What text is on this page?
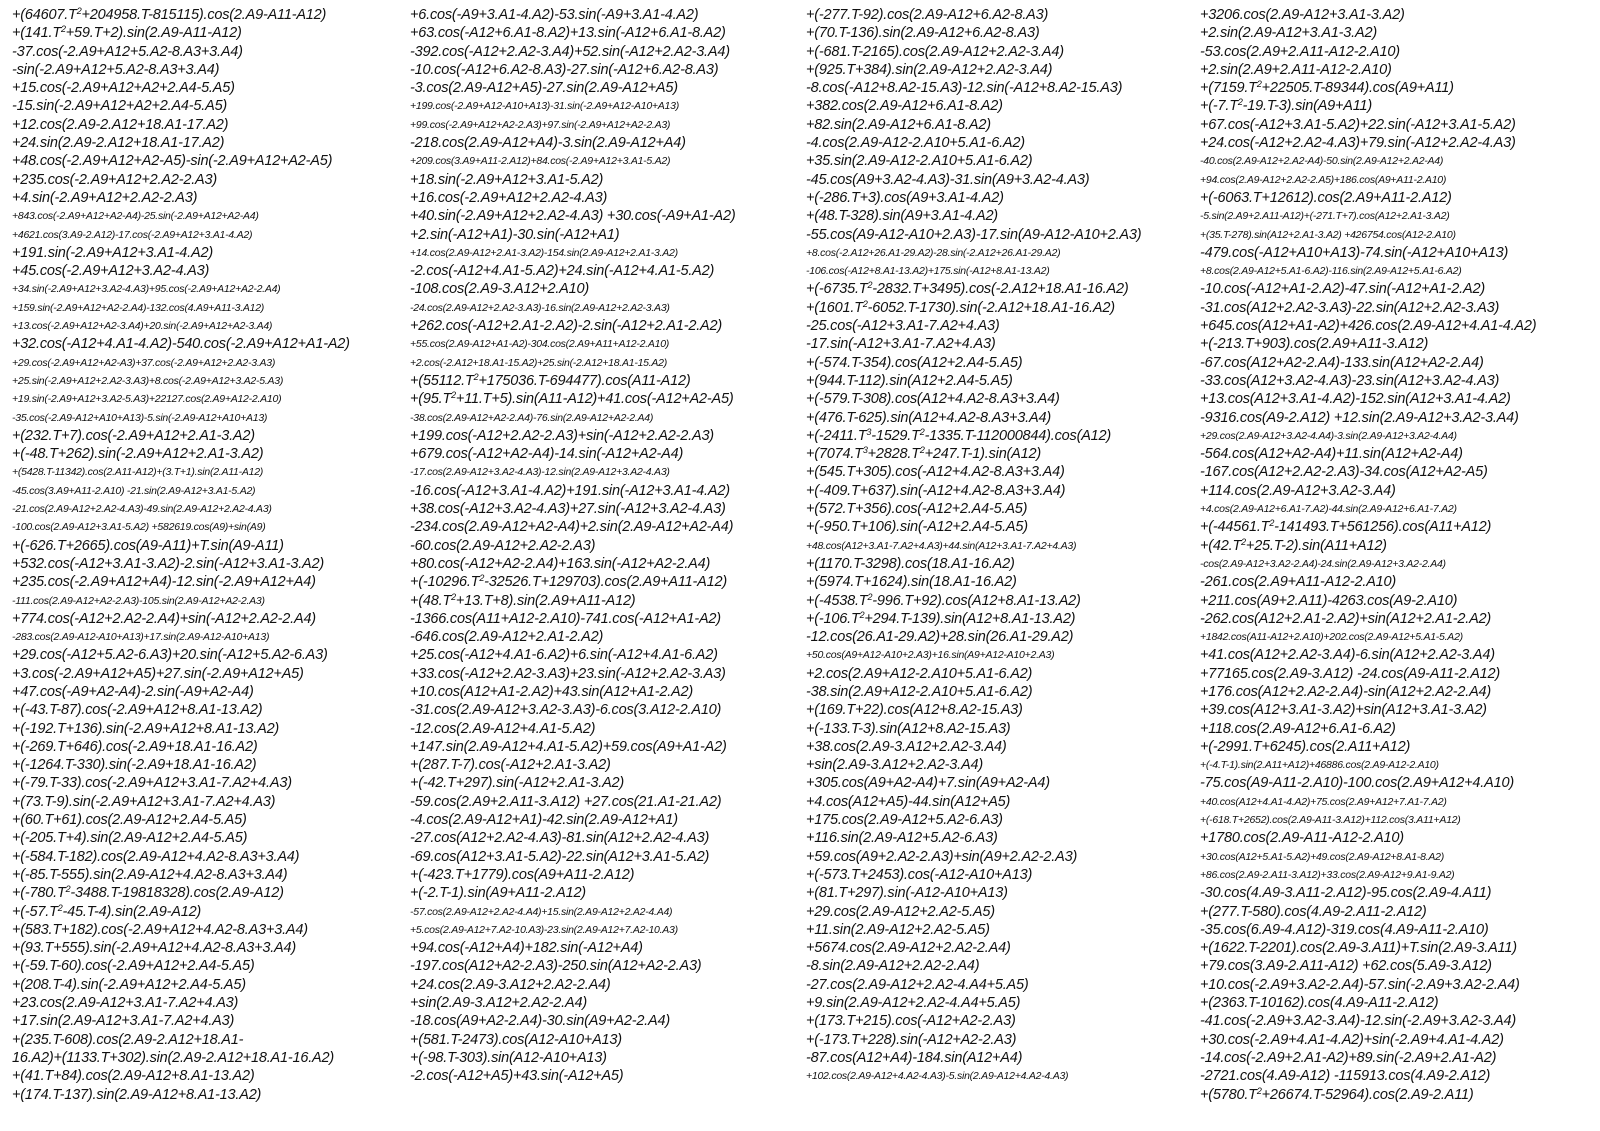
$+(64607.T^2+204958.T-815115).\cos(2.A9-A11-A12)$
$+(141.T^2+59.T+2).\sin(2.A9-A11-A12)$
-37.cos(-2.A9+A12+5.A2-8.A3+3.A4)
-sin(-2.A9+A12+5.A2-8.A3+3.A4)
+15.cos(-2.A9+A12+A2+2.A4-5.A5)
-15.sin(-2.A9+A12+A2+2.A4-5.A5)
+12.cos(2.A9-2.A12+18.A1-17.A2)
+24.sin(2.A9-2.A12+18.A1-17.A2)
+48.cos(-2.A9+A12+A2-A5)-sin(-2.A9+A12+A2-A5)
+235.cos(-2.A9+A12+2.A2-2.A3)
+4.sin(-2.A9+A12+2.A2-2.A3)
+843.cos(-2.A9+A12+A2-A4)-25.sin(-2.A9+A12+A2-A4)
+4621.cos(3.A9-2.A12)-17.cos(-2.A9+A12+3.A1-4.A2)
+191.sin(-2.A9+A12+3.A1-4.A2)
+45.cos(-2.A9+A12+3.A2-4.A3)
+34.sin(-2.A9+A12+3.A2-4.A3)+95.cos(-2.A9+A12+A2-2.A4)
+159.sin(-2.A9+A12+A2-2.A4)-132.cos(4.A9+A11-3.A12)
+13.cos(-2.A9+A12+A2-3.A4)+20.sin(-2.A9+A12+A2-3.A4)
+32.cos(-A12+4.A1-4.A2)-540.cos(-2.A9+A12+A1-A2)
+29.cos(-2.A9+A12+A2-A3)+37.cos(-2.A9+A12+2.A2-3.A3)
+25.sin(-2.A9+A12+2.A2-3.A3)+8.cos(-2.A9+A12+3.A2-5.A3)
+19.sin(-2.A9+A12+3.A2-5.A3)+22127.cos(2.A9+A12-2.A10)
-35.cos(-2.A9-A12+A10+A13)-5.sin(-2.A9-A12+A10+A13)
+(232.T+7).cos(-2.A9+A12+2.A1-3.A2)
+(-48.T+262).sin(-2.A9+A12+2.A1-3.A2)
+(5428.T-11342).cos(2.A11-A12)+(3.T+1).sin(2.A11-A12)
-45.cos(3.A9+A11-2.A10) -21.sin(2.A9-A12+3.A1-5.A2)
-21.cos(2.A9-A12+2.A2-4.A3)-49.sin(2.A9-A12+2.A2-4.A3)
-100.cos(2.A9-A12+3.A1-5.A2) +582619.cos(A9)+sin(A9)
+(-626.T+2665).cos(A9-A11)+T.sin(A9-A11)
+532.cos(-A12+3.A1-3.A2)-2.sin(-A12+3.A1-3.A2)
+235.cos(-2.A9+A12+A4)-12.sin(-2.A9+A12+A4)
-111.cos(2.A9-A12+A2-2.A3)-105.sin(2.A9-A12+A2-2.A3)
+774.cos(-A12+2.A2-2.A4)+sin(-A12+2.A2-2.A4)
-283.cos(2.A9-A12-A10+A13)+17.sin(2.A9-A12-A10+A13)
+29.cos(-A12+5.A2-6.A3)+20.sin(-A12+5.A2-6.A3)
+3.cos(-2.A9+A12+A5)+27.sin(-2.A9+A12+A5)
+47.cos(-A9+A2-A4)-2.sin(-A9+A2-A4)
+(-43.T-87).cos(-2.A9+A12+8.A1-13.A2)
+(-192.T+136).sin(-2.A9+A12+8.A1-13.A2)
+(-269.T+646).cos(-2.A9+18.A1-16.A2)
+(-1264.T-330).sin(-2.A9+18.A1-16.A2)
+(-79.T-33).cos(-2.A9+A12+3.A1-7.A2+4.A3)
+(73.T-9).sin(-2.A9+A12+3.A1-7.A2+4.A3)
+(60.T+61).cos(2.A9-A12+2.A4-5.A5)
+(-205.T+4).sin(2.A9-A12+2.A4-5.A5)
+(-584.T-182).cos(2.A9-A12+4.A2-8.A3+3.A4)
+(-85.T-555).sin(2.A9-A12+4.A2-8.A3+3.A4)
$+(-780.T^2-3488.T-19818328).\cos(2.A9-A12)$
$+(-57.T^2-45.T-4).\sin(2.A9-A12)$
+(583.T+182).cos(-2.A9+A12+4.A2-8.A3+3.A4)
+(93.T+555).sin(-2.A9+A12+4.A2-8.A3+3.A4)
+(-59.T-60).cos(-2.A9+A12+2.A4-5.A5)
+(208.T-4).sin(-2.A9+A12+2.A4-5.A5)
+23.cos(2.A9-A12+3.A1-7.A2+4.A3)
+17.sin(2.A9-A12+3.A1-7.A2+4.A3)
+(235.T-608).cos(2.A9-2.A12+18.A1-
16.A2)+(1133.T+302).sin(2.A9-2.A12+18.A1-16.A2)
+(41.T+84).cos(2.A9-A12+8.A1-13.A2)
+(174.T-137).sin(2.A9-A12+8.A1-13.A2)
+6.cos(-A9+3.A1-4.A2)-53.sin(-A9+3.A1-4.A2)
+63.cos(-A12+6.A1-8.A2)+13.sin(-A12+6.A1-8.A2)
-392.cos(-A12+2.A2-3.A4)+52.sin(-A12+2.A2-3.A4)
-10.cos(-A12+6.A2-8.A3)-27.sin(-A12+6.A2-8.A3)
-3.cos(2.A9-A12+A5)-27.sin(2.A9-A12+A5)
+199.cos(-2.A9+A12-A10+A13)-31.sin(-2.A9+A12-A10+A13)
+99.cos(-2.A9+A12+A2-2.A3)+97.sin(-2.A9+A12+A2-2.A3)
-218.cos(2.A9-A12+A4)-3.sin(2.A9-A12+A4)
+209.cos(3.A9+A11-2.A12)+84.cos(-2.A9+A12+3.A1-5.A2)
+18.sin(-2.A9+A12+3.A1-5.A2)
+16.cos(-2.A9+A12+2.A2-4.A3)
+40.sin(-2.A9+A12+2.A2-4.A3) +30.cos(-A9+A1-A2)
+2.sin(-A12+A1)-30.sin(-A12+A1)
+14.cos(2.A9-A12+2.A1-3.A2)-154.sin(2.A9-A12+2.A1-3.A2)
-2.cos(-A12+4.A1-5.A2)+24.sin(-A12+4.A1-5.A2)
-108.cos(2.A9-3.A12+2.A10)
-24.cos(2.A9-A12+2.A2-3.A3)-16.sin(2.A9-A12+2.A2-3.A3)
+262.cos(-A12+2.A1-2.A2)-2.sin(-A12+2.A1-2.A2)
+55.cos(2.A9-A12+A1-A2)-304.cos(2.A9+A11+A12-2.A10)
+2.cos(-2.A12+18.A1-15.A2)+25.sin(-2.A12+18.A1-15.A2)
$+(55112.T^2+175036.T-694477).\cos(A11-A12)$
$+(95.T^2+11.T+5).\sin(A11-A12)+41.\cos(-A12+A2-A5)$
-38.cos(2.A9-A12+A2-2.A4)-76.sin(2.A9-A12+A2-2.A4)
+199.cos(-A12+2.A2-2.A3)+sin(-A12+2.A2-2.A3)
+679.cos(-A12+A2-A4)-14.sin(-A12+A2-A4)
-17.cos(2.A9-A12+3.A2-4.A3)-12.sin(2.A9-A12+3.A2-4.A3)
-16.cos(-A12+3.A1-4.A2)+191.sin(-A12+3.A1-4.A2)
+38.cos(-A12+3.A2-4.A3)+27.sin(-A12+3.A2-4.A3)
-234.cos(2.A9-A12+A2-A4)+2.sin(2.A9-A12+A2-A4)
-60.cos(2.A9-A12+2.A2-2.A3)
+80.cos(-A12+A2-2.A4)+163.sin(-A12+A2-2.A4)
$+(-10296.T^2-32526.T+129703).\cos(2.A9+A11-A12)$
$+(48.T^2+13.T+8).\sin(2.A9+A11-A12)$
-1366.cos(A11+A12-2.A10)-741.cos(-A12+A1-A2)
-646.cos(2.A9-A12+2.A1-2.A2)
+25.cos(-A12+4.A1-6.A2)+6.sin(-A12+4.A1-6.A2)
+33.cos(-A12+2.A2-3.A3)+23.sin(-A12+2.A2-3.A3)
+10.cos(A12+A1-2.A2)+43.sin(A12+A1-2.A2)
-31.cos(2.A9-A12+3.A2-3.A3)-6.cos(3.A12-2.A10)
-12.cos(2.A9-A12+4.A1-5.A2)
+147.sin(2.A9-A12+4.A1-5.A2)+59.cos(A9+A1-A2)
+(287.T-7).cos(-A12+2.A1-3.A2)
+(-42.T+297).sin(-A12+2.A1-3.A2)
-59.cos(2.A9+2.A11-3.A12) +27.cos(21.A1-21.A2)
-4.cos(2.A9-A12+A1)-42.sin(2.A9-A12+A1)
-27.cos(A12+2.A2-4.A3)-81.sin(A12+2.A2-4.A3)
-69.cos(A12+3.A1-5.A2)-22.sin(A12+3.A1-5.A2)
+(-423.T+1779).cos(A9+A11-2.A12)
+(-2.T-1).sin(A9+A11-2.A12)
-57.cos(2.A9-A12+2.A2-4.A4)+15.sin(2.A9-A12+2.A2-4.A4)
+5.cos(2.A9-A12+7.A2-10.A3)-23.sin(2.A9-A12+7.A2-10.A3)
+94.cos(-A12+A4)+182.sin(-A12+A4)
-197.cos(A12+A2-2.A3)-250.sin(A12+A2-2.A3)
+24.cos(2.A9-3.A12+2.A2-2.A4)
+sin(2.A9-3.A12+2.A2-2.A4)
-18.cos(A9+A2-2.A4)-30.sin(A9+A2-2.A4)
+(581.T-2473).cos(A12-A10+A13)
+(-98.T-303).sin(A12-A10+A13)
-2.cos(-A12+A5)+43.sin(-A12+A5)
+(-277.T-92).cos(2.A9-A12+6.A2-8.A3)
+(70.T-136).sin(2.A9-A12+6.A2-8.A3)
+(-681.T-2165).cos(2.A9-A12+2.A2-3.A4)
+(925.T+384).sin(2.A9-A12+2.A2-3.A4)
-8.cos(-A12+8.A2-15.A3)-12.sin(-A12+8.A2-15.A3)
+382.cos(2.A9-A12+6.A1-8.A2)
+82.sin(2.A9-A12+6.A1-8.A2)
-4.cos(2.A9-A12-2.A10+5.A1-6.A2)
+35.sin(2.A9-A12-2.A10+5.A1-6.A2)
-45.cos(A9+3.A2-4.A3)-31.sin(A9+3.A2-4.A3)
+(-286.T+3).cos(A9+3.A1-4.A2)
+(48.T-328).sin(A9+3.A1-4.A2)
-55.cos(A9-A12-A10+2.A3)-17.sin(A9-A12-A10+2.A3)
+8.cos(-2.A12+26.A1-29.A2)-28.sin(-2.A12+26.A1-29.A2)
-106.cos(-A12+8.A1-13.A2)+175.sin(-A12+8.A1-13.A2)
$+(-6735.T^2-2832.T+3495).\cos(-2.A12+18.A1-16.A2)$
$+(1601.T^2-6052.T-1730).\sin(-2.A12+18.A1-16.A2)$
-25.cos(-A12+3.A1-7.A2+4.A3)
-17.sin(-A12+3.A1-7.A2+4.A3)
+(-574.T-354).cos(A12+2.A4-5.A5)
+(944.T-112).sin(A12+2.A4-5.A5)
+(-579.T-308).cos(A12+4.A2-8.A3+3.A4)
+(476.T-625).sin(A12+4.A2-8.A3+3.A4)
$+(-2411.T^3-1529.T^2-1335.T-112000844).\cos(A12)$
$+(7074.T^3+2828.T^2+247.T-1).\sin(A12)$
+(545.T+305).cos(-A12+4.A2-8.A3+3.A4)
+(-409.T+637).sin(-A12+4.A2-8.A3+3.A4)
+(572.T+356).cos(-A12+2.A4-5.A5)
+(-950.T+106).sin(-A12+2.A4-5.A5)
+48.cos(A12+3.A1-7.A2+4.A3)+44.sin(A12+3.A1-7.A2+4.A3)
+(1170.T-3298).cos(18.A1-16.A2)
+(5974.T+1624).sin(18.A1-16.A2)
$+(-4538.T^2-996.T+92).\cos(A12+8.A1-13.A2)$
$+(-106.T^2+294.T-139).\sin(A12+8.A1-13.A2)$
-12.cos(26.A1-29.A2)+28.sin(26.A1-29.A2)
+50.cos(A9+A12-A10+2.A3)+16.sin(A9+A12-A10+2.A3)
+2.cos(2.A9+A12-2.A10+5.A1-6.A2)
-38.sin(2.A9+A12-2.A10+5.A1-6.A2)
+(169.T+22).cos(A12+8.A2-15.A3)
+(-133.T-3).sin(A12+8.A2-15.A3)
+38.cos(2.A9-3.A12+2.A2-3.A4)
+sin(2.A9-3.A12+2.A2-3.A4)
+305.cos(A9+A2-A4)+7.sin(A9+A2-A4)
+4.cos(A12+A5)-44.sin(A12+A5)
+175.cos(2.A9-A12+5.A2-6.A3)
+116.sin(2.A9-A12+5.A2-6.A3)
+59.cos(A9+2.A2-2.A3)+sin(A9+2.A2-2.A3)
+(-573.T+2453).cos(-A12-A10+A13)
+(81.T+297).sin(-A12-A10+A13)
+29.cos(2.A9-A12+2.A2-5.A5)
+11.sin(2.A9-A12+2.A2-5.A5)
+5674.cos(2.A9-A12+2.A2-2.A4)
-8.sin(2.A9-A12+2.A2-2.A4)
-27.cos(2.A9-A12+2.A2-4.A4+5.A5)
+9.sin(2.A9-A12+2.A2-4.A4+5.A5)
+(173.T+215).cos(-A12+A2-2.A3)
+(-173.T+228).sin(-A12+A2-2.A3)
-87.cos(A12+A4)-184.sin(A12+A4)
+102.cos(2.A9-A12+4.A2-4.A3)-5.sin(2.A9-A12+4.A2-4.A3)
+3206.cos(2.A9-A12+3.A1-3.A2)
+2.sin(2.A9-A12+3.A1-3.A2)
-53.cos(2.A9+2.A11-A12-2.A10)
+2.sin(2.A9+2.A11-A12-2.A10)
$+(7159.T^2+22505.T-89344).\cos(A9+A11)$
$+(-7.T^2-19.T-3).\sin(A9+A11)$
+67.cos(-A12+3.A1-5.A2)+22.sin(-A12+3.A1-5.A2)
+24.cos(-A12+2.A2-4.A3)+79.sin(-A12+2.A2-4.A3)
-40.cos(2.A9-A12+2.A2-A4)-50.sin(2.A9-A12+2.A2-A4)
+94.cos(2.A9-A12+2.A2-2.A5)+186.cos(A9+A11-2.A10)
+(-6063.T+12612).cos(2.A9+A11-2.A12)
-5.sin(2.A9+2.A11-A12)+(-271.T+7).cos(A12+2.A1-3.A2)
+(35.T-278).sin(A12+2.A1-3.A2) +426754.cos(A12-2.A10)
-479.cos(-A12+A10+A13)-74.sin(-A12+A10+A13)
+8.cos(2.A9-A12+5.A1-6.A2)-116.sin(2.A9-A12+5.A1-6.A2)
-10.cos(-A12+A1-2.A2)-47.sin(-A12+A1-2.A2)
-31.cos(A12+2.A2-3.A3)-22.sin(A12+2.A2-3.A3)
+645.cos(A12+A1-A2)+426.cos(2.A9-A12+4.A1-4.A2)
+(-213.T+903).cos(2.A9+A11-3.A12)
-67.cos(A12+A2-2.A4)-133.sin(A12+A2-2.A4)
-33.cos(A12+3.A2-4.A3)-23.sin(A12+3.A2-4.A3)
+13.cos(A12+3.A1-4.A2)-152.sin(A12+3.A1-4.A2)
-9316.cos(A9-2.A12) +12.sin(2.A9-A12+3.A2-3.A4)
+29.cos(2.A9-A12+3.A2-4.A4)-3.sin(2.A9-A12+3.A2-4.A4)
-564.cos(A12+A2-A4)+11.sin(A12+A2-A4)
-167.cos(A12+2.A2-2.A3)-34.cos(A12+A2-A5)
+114.cos(2.A9-A12+3.A2-3.A4)
+4.cos(2.A9-A12+6.A1-7.A2)-44.sin(2.A9-A12+6.A1-7.A2)
$+(-44561.T^2-141493.T+561256).\cos(A11+A12)$
$+(42.T^2+25.T-2).\sin(A11+A12)$
-cos(2.A9-A12+3.A2-2.A4)-24.sin(2.A9-A12+3.A2-2.A4)
-261.cos(2.A9+A11-A12-2.A10)
+211.cos(A9+2.A11)-4263.cos(A9-2.A10)
-262.cos(A12+2.A1-2.A2)+sin(A12+2.A1-2.A2)
+1842.cos(A11-A12+2.A10)+202.cos(2.A9-A12+5.A1-5.A2)
+41.cos(A12+2.A2-3.A4)-6.sin(A12+2.A2-3.A4)
+77165.cos(2.A9-3.A12) -24.cos(A9-A11-2.A12)
+176.cos(A12+2.A2-2.A4)-sin(A12+2.A2-2.A4)
+39.cos(A12+3.A1-3.A2)+sin(A12+3.A1-3.A2)
+118.cos(2.A9-A12+6.A1-6.A2)
+(-2991.T+6245).cos(2.A11+A12)
+(-4.T-1).sin(2.A11+A12)+46886.cos(2.A9-A12-2.A10)
-75.cos(A9-A11-2.A10)-100.cos(2.A9+A12+4.A10)
+40.cos(A12+4.A1-4.A2)+75.cos(2.A9+A12+7.A1-7.A2)
+(-618.T+2652).cos(2.A9-A11-3.A12)+112.cos(3.A11+A12)
+1780.cos(2.A9-A11-A12-2.A10)
+30.cos(A12+5.A1-5.A2)+49.cos(2.A9-A12+8.A1-8.A2)
+86.cos(2.A9-2.A11-3.A12)+33.cos(2.A9-A12+9.A1-9.A2)
-30.cos(4.A9-3.A11-2.A12)-95.cos(2.A9-4.A11)
+(277.T-580).cos(4.A9-2.A11-2.A12)
-35.cos(6.A9-4.A12)-319.cos(4.A9-A11-2.A10)
+(1622.T-2201).cos(2.A9-3.A11)+T.sin(2.A9-3.A11)
+79.cos(3.A9-2.A11-A12) +62.cos(5.A9-3.A12)
+10.cos(-2.A9+3.A2-2.A4)-57.sin(-2.A9+3.A2-2.A4)
+(2363.T-10162).cos(4.A9-A11-2.A12)
-41.cos(-2.A9+3.A2-3.A4)-12.sin(-2.A9+3.A2-3.A4)
+30.cos(-2.A9+4.A1-4.A2)+sin(-2.A9+4.A1-4.A2)
-14.cos(-2.A9+2.A1-A2)+89.sin(-2.A9+2.A1-A2)
-2721.cos(4.A9-A12) -115913.cos(4.A9-2.A12)
$+(5780.T^2+26674.T-52964).\cos(2.A9-2.A11)$
